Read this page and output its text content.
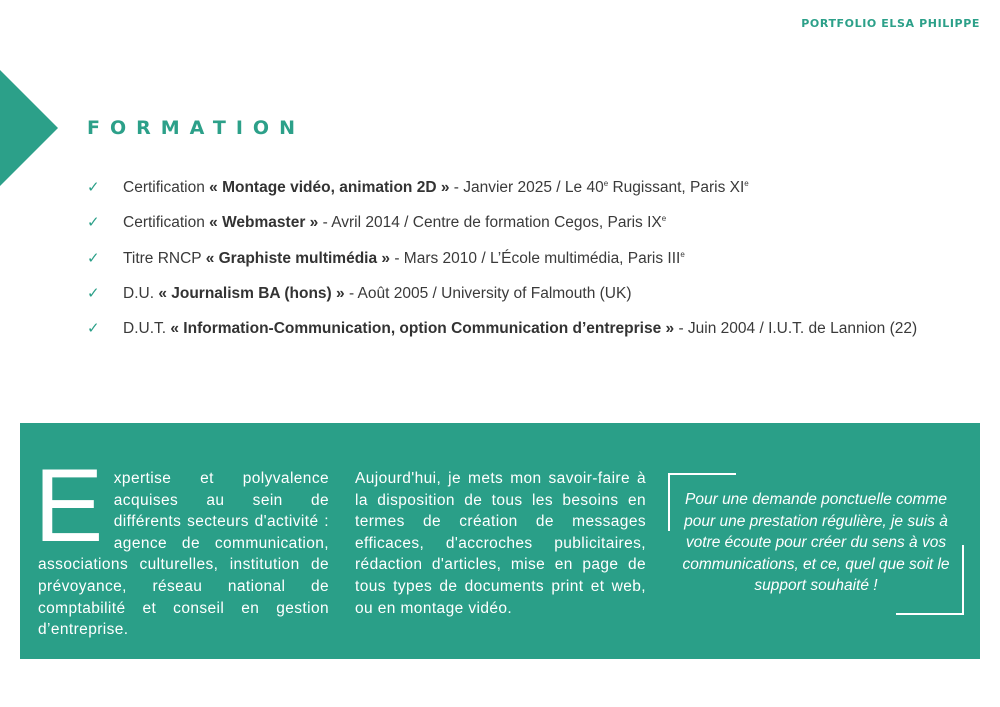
PORTFOLIO ELSA PHILIPPE
FORMATION
✓	Certification « Montage vidéo, animation 2D » - Janvier 2025 / Le 40e Rugissant, Paris XIe
✓	Certification « Webmaster » - Avril 2014 / Centre de formation Cegos, Paris IXe
✓	Titre RNCP « Graphiste multimédia » - Mars 2010 / L’École multimédia, Paris IIIe
✓	D.U. « Journalism BA (hons) » - Août 2005 / University of Falmouth (UK)
✓	D.U.T. « Information-Communication, option Communication d’entreprise » - Juin 2004 / I.U.T. de Lannion (22)
Expertise et polyvalence acquises au sein de différents secteurs d'activité : agence de communication, associations culturelles, institution de prévoyance, réseau national de comptabilité et conseil en gestion d’entreprise.
Aujourd'hui, je mets mon savoir-faire à la disposition de tous les besoins en termes de création de messages efficaces, d'accroches publicitaires, rédaction d'articles, mise en page de tous types de documents print et web, ou en montage vidéo.

Pour une demande ponctuelle comme pour une prestation régulière, je suis à votre écoute pour créer du sens à vos communications, et ce, quel que soit le support souhaité !
